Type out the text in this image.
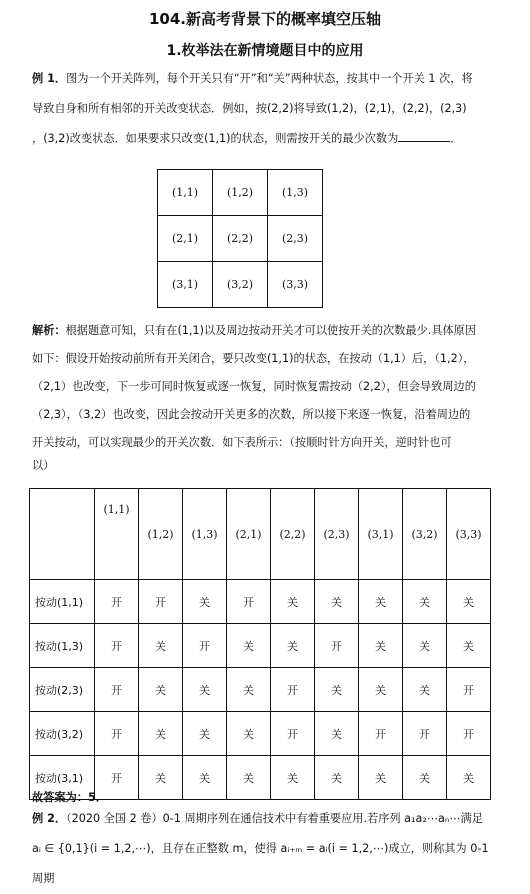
104.新高考背景下的概率填空压轴
1.枚举法在新情境题目中的应用
例 1．图为一个开关阵列，每个开关只有“开”和“关”两种状态，按其中一个开关 1 次，将
导致自身和所有相邻的开关改变状态．例如，按(2,2)将导致(1,2)，(2,1)，(2,2)，(2,3)
，(3,2)改变状态．如果要求只改变(1,1)的状态，则需按开关的最少次数为	．
(1,1)	(1,2)	(1,3)
(2,1)	(2,2)	(2,3)
(3,1)	(3,2)	(3,3)
解析：根据题意可知，只有在(1,1)以及周边按动开关才可以使按开关的次数最少.具体原因
如下：假设开始按动前所有开关闭合，要只改变(1,1)的状态，在按动（1,1）后，（1,2），
（2,1）也改变，下一步可同时恢复或逐一恢复，同时恢复需按动（2,2），但会导致周边的
（2,3），（3,2）也改变，因此会按动开关更多的次数，所以接下来逐一恢复，沿着周边的
开关按动，可以实现最少的开关次数．如下表所示：（按顺时针方向开关，逆时针也可
以）
	(1,1)	(1,2)	(1,3)	(2,1)	(2,2)	(2,3)	(3,1)	(3,2)	(3,3)
按动(1,1)	开	开	关	开	关	关	关	关	关
按动(1,3)	开	关	开	关	关	开	关	关	关
按动(2,3)	开	关	关	关	开	关	关	关	开
按动(3,2)	开	关	关	关	开	关	开	开	开
按动(3,1)	开	关	关	关	关	关	关	关	关
故答案为：5．
例 2．（2020 全国 2 卷）0-1 周期序列在通信技术中有着重要应用.若序列 a₁a₂⋯aₙ⋯满足
aᵢ ∈ {0,1}(i = 1,2,⋯)，且存在正整数 m，使得 aᵢ₊ₘ = aᵢ(i = 1,2,⋯)成立，则称其为 0-1 周期
